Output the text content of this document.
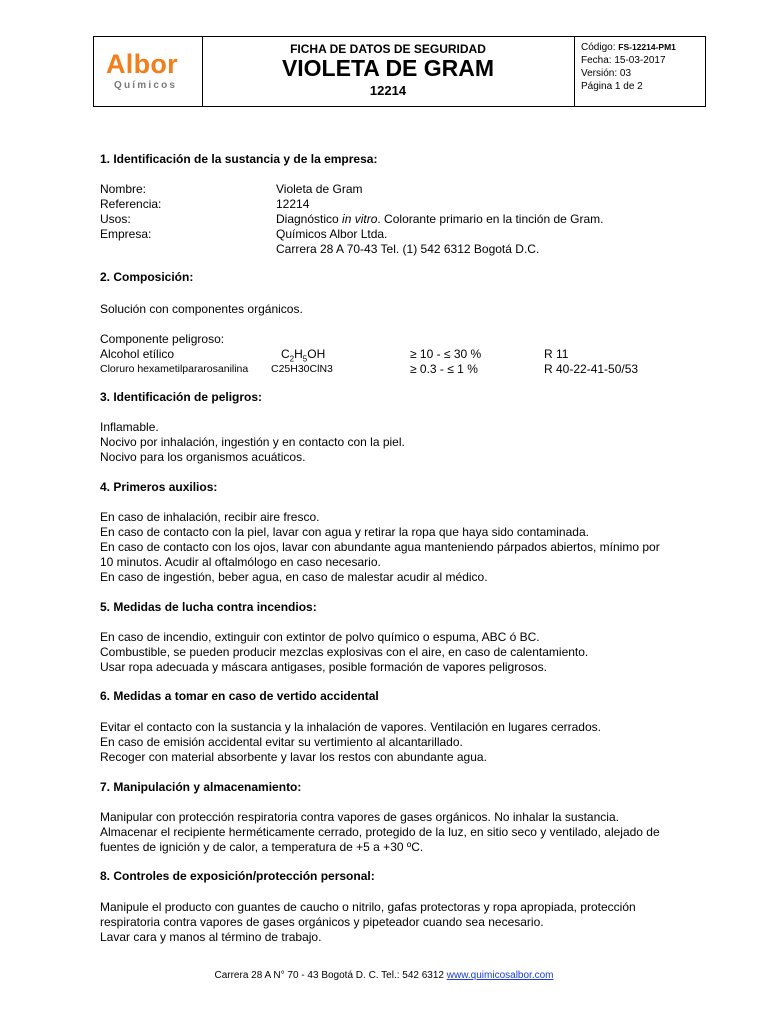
Albor
Químicos
FICHA DE DATOS DE SEGURIDAD
VIOLETA DE GRAM
12214
Código: FS-12214-PM1
Fecha: 15-03-2017
Versión: 03
Página 1 de 2
1. Identificación de la sustancia y de la empresa:
Nombre:	Violeta de Gram
Referencia:	12214
Usos:	Diagnóstico in vitro. Colorante primario en la tinción de Gram.
Empresa:	Químicos Albor Ltda.
Carrera 28 A 70-43 Tel. (1) 542 6312 Bogotá D.C.
2. Composición:
Solución con componentes orgánicos.
Componente peligroso:
Alcohol etílico	$C_2H_5OH$	≥ 10 - ≤ 30 %	R 11
Cloruro hexametilpararosanilina C25H30ClN3	≥ 0.3 - ≤ 1 %	R 40-22-41-50/53
3. Identificación de peligros:
Inflamable.
Nocivo por inhalación, ingestión y en contacto con la piel.
Nocivo para los organismos acuáticos.
4. Primeros auxilios:
En caso de inhalación, recibir aire fresco.
En caso de contacto con la piel, lavar con agua y retirar la ropa que haya sido contaminada.
En caso de contacto con los ojos, lavar con abundante agua manteniendo párpados abiertos, mínimo por
10 minutos. Acudir al oftalmólogo en caso necesario.
En caso de ingestión, beber agua, en caso de malestar acudir al médico.
5. Medidas de lucha contra incendios:
En caso de incendio, extinguir con extintor de polvo químico o espuma, ABC ó BC.
Combustible, se pueden producir mezclas explosivas con el aire, en caso de calentamiento.
Usar ropa adecuada y máscara antigases, posible formación de vapores peligrosos.
6. Medidas a tomar en caso de vertido accidental
Evitar el contacto con la sustancia y la inhalación de vapores. Ventilación en lugares cerrados.
En caso de emisión accidental evitar su vertimiento al alcantarillado.
Recoger con material absorbente y lavar los restos con abundante agua.
7. Manipulación y almacenamiento:
Manipular con protección respiratoria contra vapores de gases orgánicos. No inhalar la sustancia.
Almacenar el recipiente herméticamente cerrado, protegido de la luz, en sitio seco y ventilado, alejado de
fuentes de ignición y de calor, a temperatura de +5 a +30 ºC.
8. Controles de exposición/protección personal:
Manipule el producto con guantes de caucho o nitrilo, gafas protectoras y ropa apropiada, protección
respiratoria contra vapores de gases orgánicos y pipeteador cuando sea necesario.
Lavar cara y manos al término de trabajo.
Carrera 28 A N° 70 - 43 Bogotá D. C. Tel.: 542 6312 www.quimicosalbor.com
